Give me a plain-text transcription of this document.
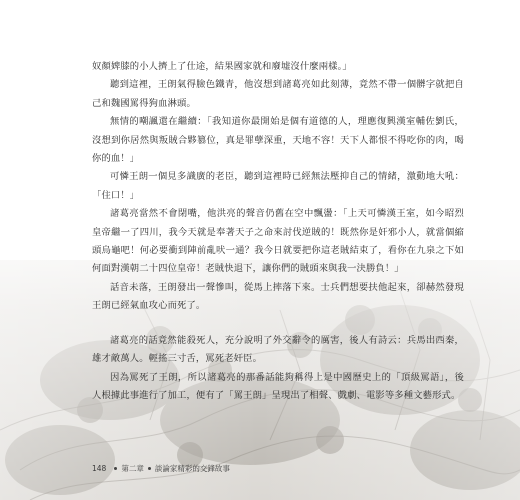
奴顏婢膝的小人擠上了仕途，結果國家就和廢墟沒什麼兩樣。」

聽到這裡，王朗氣得臉色鐵青，他沒想到諸葛亮如此刻薄，竟然不帶一個髒字就把自己和魏國罵得狗血淋頭。

無情的嘲諷還在繼續：「我知道你最開始是個有道德的人，理應復興漢室輔佐劉氏，沒想到你居然與叛賊合夥篡位，真是罪孽深重，天地不容！天下人都恨不得吃你的肉，喝你的血！」

可憐王朗一個見多識廣的老臣，聽到這裡時已經無法壓抑自己的情緒，激動地大吼：「住口！」

諸葛亮當然不會閉嘴，他洪亮的聲音仍舊在空中飄盪：「上天可憐漢王室，如今昭烈皇帝繼一了四川，我今天就是奉著天子之命來討伐逆賊的！既然你是奸邪小人，就當個縮頭烏龜吧！何必要衝到陣前亂吠一通？我今日就要把你這老賊結束了，看你在九泉之下如何面對漢朝二十四位皇帝！老賊快退下，讓你們的賊頭來與我一決勝負！」

話音未落，王朗發出一聲慘叫，從馬上摔落下來。士兵們想要扶他起來，卻赫然發現王朗已經氣血攻心而死了。

諸葛亮的話竟然能殺死人，充分說明了外交辭令的厲害，後人有詩云：兵馬出西秦，雄才敵萬人。輕搖三寸舌，罵死老奸臣。

因為罵死了王朗，所以諸葛亮的那番話能夠稱得上是中國歷史上的「頂級罵語」，後人根據此事進行了加工，便有了「罵王朗」呈現出了相聲、戲劇、電影等多種文藝形式。

148 第二章 談論家精彩的交鋒故事
